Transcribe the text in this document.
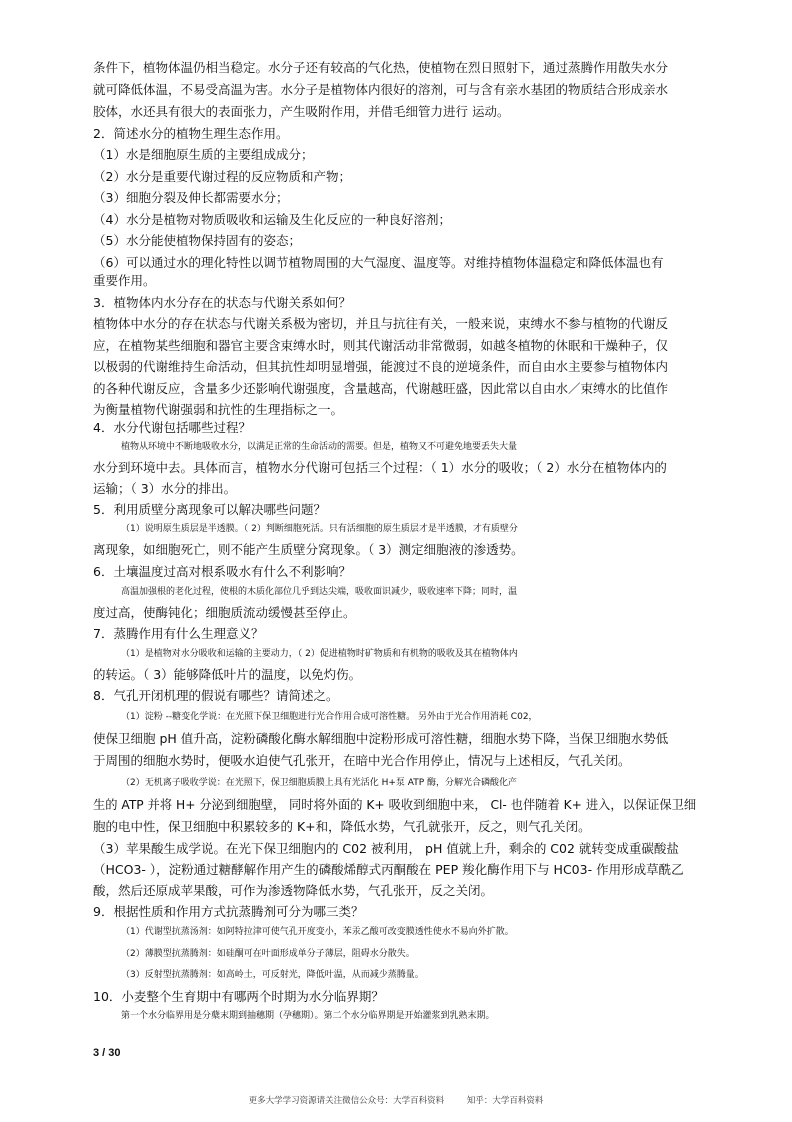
条件下，植物体温仍相当稳定。水分子还有较高的气化热，使植物在烈日照射下，通过蒸腾作用散失水分

就可降低体温，不易受高温为害。水分子是植物体内很好的溶剂，可与含有亲水基团的物质结合形成亲水

胶体，水还具有很大的表面张力，产生吸附作用，并借毛细管力进行 运动。

2．简述水分的植物生理生态作用。

（1）水是细胞原生质的主要组成成分；

（2）水分是重要代谢过程的反应物质和产物；

（3）细胞分裂及伸长都需要水分；

（4）水分是植物对物质吸收和运输及生化反应的一种良好溶剂；

（5）水分能使植物保持固有的姿态；

（6）可以通过水的理化特性以调节植物周围的大气湿度、温度等。对维持植物体温稳定和降低体温也有

重要作用。

3．植物体内水分存在的状态与代谢关系如何？

植物体中水分的存在状态与代谢关系极为密切，并且与抗往有关，一般来说，束缚水不参与植物的代谢反

应，在植物某些细胞和器官主要含束缚水时，则其代谢活动非常微弱，如越冬植物的休眠和干燥种子，仅

以极弱的代谢维持生命活动，但其抗性却明显增强，能渡过不良的逆境条件，而自由水主要参与植物体内

的各种代谢反应，含量多少还影响代谢强度，含量越高，代谢越旺盛，因此常以自由水／束缚水的比值作

为衡量植物代谢强弱和抗性的生理指标之一。

4．水分代谢包括哪些过程？

植物从环境中不断地吸收水分，以满足正常的生命活动的需要。但是，植物又不可避免地要丢失大量

水分到环境中去。具体而言，植物水分代谢可包括三个过程：（ 1）水分的吸收；（ 2）水分在植物体内的

运输；（ 3）水分的排出。

5．利用质壁分离现象可以解决哪些问题？

（1）说明原生质层是半透膜。（ 2）判断细胞死活。只有活细胞的原生质层才是半透膜，才有质壁分

离现象，如细胞死亡，则不能产生质壁分窝现象。（ 3）测定细胞液的渗透势。

6．土壤温度过高对根系吸水有什么不利影响？

高温加强根的老化过程，使根的木质化部位几乎到达尖端，吸收面识减少，吸收速率下降；同时，温

度过高，使酶钝化；细胞质流动缓慢甚至停止。

7．蒸腾作用有什么生理意义？

（1）是植物对水分吸收和运输的主要动力，（ 2）促进植物时矿物质和有机物的吸收及其在植物体内

的转运。（ 3）能够降低叶片的温度，以免灼伤。

8．气孔开闭机理的假说有哪些？请简述之。

（1）淀粉 --糖变化学说：在光照下保卫细胞进行光合作用合成可溶性糖。 另外由于光合作用消耗 C02，

使保卫细胞 pH 值升高，淀粉磷酸化酶水解细胞中淀粉形成可溶性糖，细胞水势下降，当保卫细胞水势低

于周围的细胞水势时，便吸水迫使气孔张开，在暗中光合作用停止，情况与上述相反，气孔关闭。

（2）无机离子吸收学说：在光照下，保卫细胞质膜上具有光活化 H+泵 ATP 酶，分解光合磷酸化产

生的 ATP 并将 H+ 分泌到细胞壁， 同时将外面的 K+ 吸收到细胞中来， Cl- 也伴随着 K+ 进入，以保证保卫细

胞的电中性，保卫细胞中积累较多的 K+和，降低水势，气孔就张开，反之，则气孔关闭。

（3）苹果酸生成学说。在光下保卫细胞内的 C02 被利用， pH 值就上升，剩余的 C02 就转变成重碳酸盐

（HCO3- ），淀粉通过糖酵解作用产生的磷酸烯醇式丙酮酸在 PEP 羧化酶作用下与 HC03- 作用形成草酰乙

酸，然后还原成苹果酸，可作为渗透物降低水势，气孔张开，反之关闭。

9．根据性质和作用方式抗蒸腾剂可分为哪三类？

（1）代谢型抗蒸汤剂：如阿特拉津可使气孔开度变小，苯汞乙酸可改变膜透性使水不易向外扩散。

（2）薄膜型抗蒸腾剂：如硅酮可在叶面形成单分子薄层，阻碍水分散失。

（3）反射型抗蒸腾剂：如高岭土，可反射光，降低叶温，从而减少蒸腾量。

10．小麦整个生育期中有哪两个时期为水分临界期？

第一个水分临界用是分蘖末期到抽穗期（孕穗期）。第二个水分临界期是开始灌浆到乳熟末期。

3 / 30
更多大学学习资源请关注微信公众号：大学百科资料	知乎：大学百科资料
